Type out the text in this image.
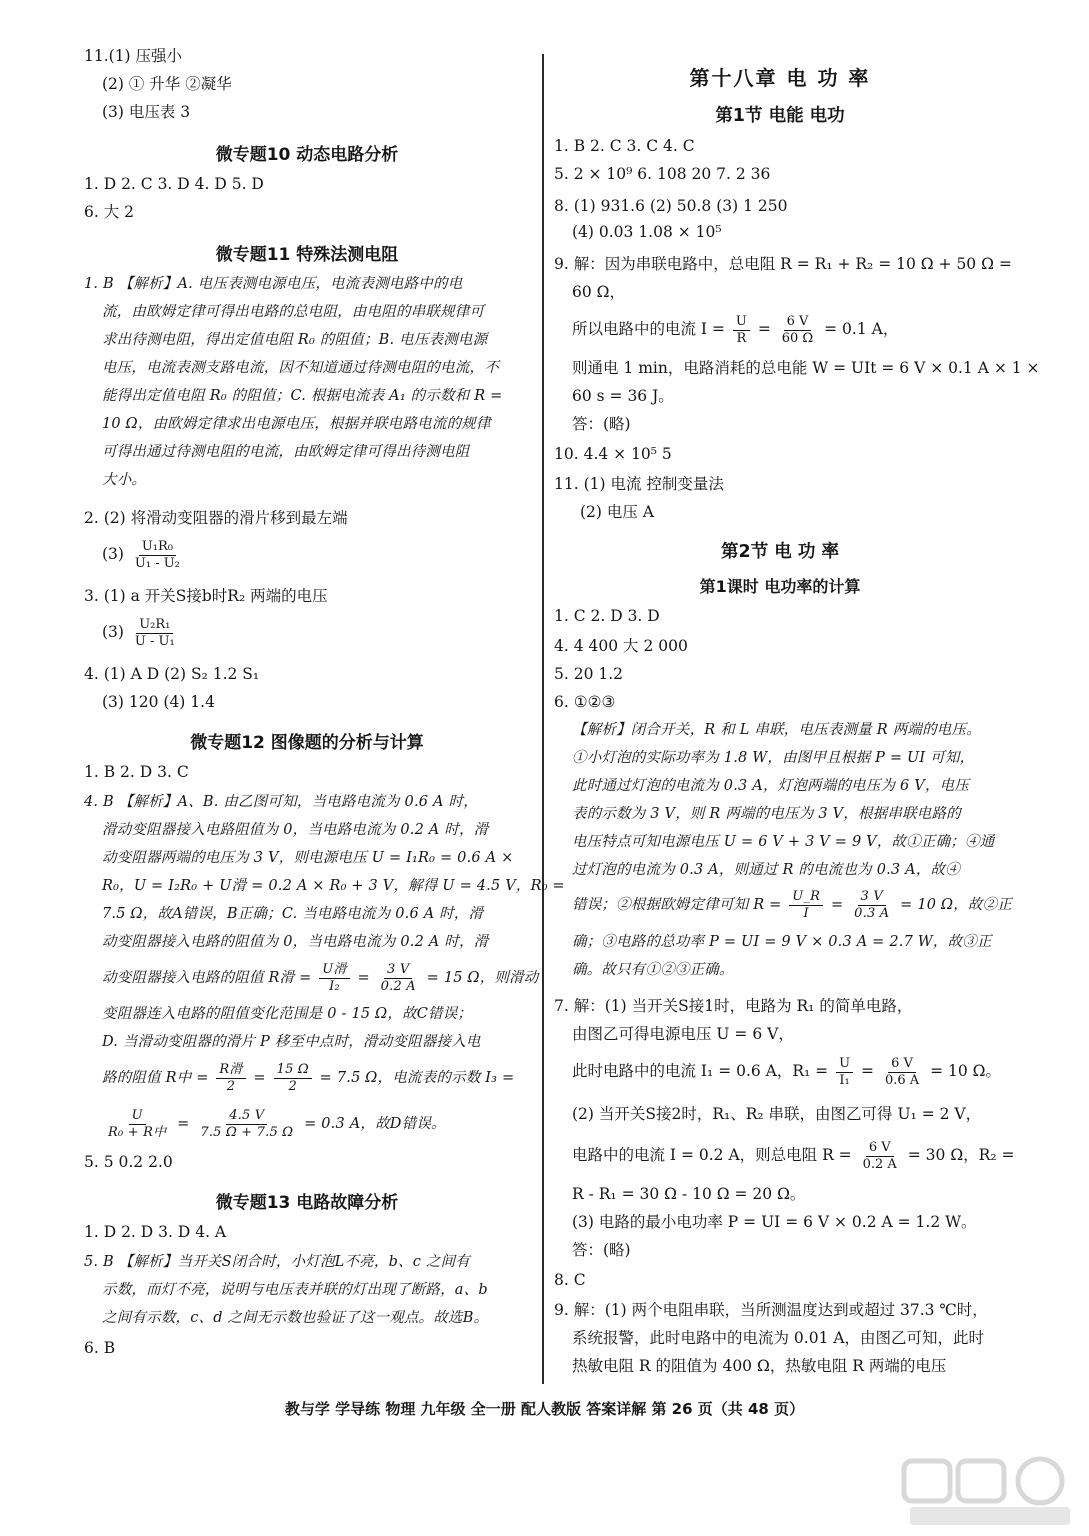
11.(1) 压强小
(2) ① 升华 ②凝华
(3) 电压表 3
微专题10 动态电路分析
1. D 2. C 3. D 4. D 5. D
6. 大 2
微专题11 特殊法测电阻
1. B 【解析】A. 电压表测电源电压，电流表测电路中的电
流，由欧姆定律可得出电路的总电阻，由电阻的串联规律可
求出待测电阻，得出定值电阻 R₀ 的阻值；B. 电压表测电源
电压，电流表测支路电流，因不知道通过待测电阻的电流，不
能得出定值电阻 R₀ 的阻值；C. 根据电流表 A₁ 的示数和 R =
10 Ω，由欧姆定律求出电源电压，根据并联电路电流的规律
可得出通过待测电阻的电流，由欧姆定律可得出待测电阻
大小。
2. (2) 将滑动变阻器的滑片移到最左端
$(3) \frac{\text{U₁R₀}}{\text{U₁ - U₂}}$
3. (1) a 开关S接b时R₂ 两端的电压
$(3) \frac{\text{U₂R₁}}{\text{U - U₁}}$
4. (1) A D (2) S₂ 1.2 S₁
(3) 120 (4) 1.4
微专题12 图像题的分析与计算
1. B 2. D 3. C
4. B 【解析】A、B. 由乙图可知，当电路电流为 0.6 A 时，
滑动变阻器接入电路阻值为 0，当电路电流为 0.2 A 时，滑
动变阻器两端的电压为 3 V，则电源电压 U = I₁R₀ = 0.6 A ×
R₀，U = I₂R₀ + U滑 = 0.2 A × R₀ + 3 V，解得 U = 4.5 V，R₀ =
7.5 Ω，故A错误，B正确；C. 当电路电流为 0.6 A 时，滑
动变阻器接入电路的阻值为 0，当电路电流为 0.2 A 时，滑
动变阻器接入电路的阻值 R滑 = $\frac{\text{U滑}}{\text{I₂}} = \frac{3 V}{0.2 A} = 15$ Ω，则滑动
变阻器连入电路的阻值变化范围是 0 - 15 Ω，故C错误；
D. 当滑动变阻器的滑片 P 移至中点时，滑动变阻器接入电
路的阻值 R中 = $\frac{\text{R滑}}{2} = \frac{15 \Omega}{2} = 7.5$ Ω，电流表的示数 I₃ =
$\frac{U}{\text{R₀ + R中}} = \frac{4.5 V}{7.5 \Omega + 7.5 \Omega} = 0.3$ A，故D错误。
5. 5 0.2 2.0
微专题13 电路故障分析
1. D 2. D 3. D 4. A
5. B 【解析】当开关S闭合时，小灯泡L不亮，b、c 之间有
示数，而灯不亮，说明与电压表并联的灯出现了断路，a、b
之间有示数，c、d 之间无示数也验证了这一观点。故选B。
6. B
第十八章 电 功 率
第1节 电能 电功
1. B 2. C 3. C 4. C
5. 2 × 10⁹ 6. 108 20 7. 2 36
8. (1) 931.6 (2) 50.8 (3) 1 250
(4) 0.03 1.08 × 10⁵
9. 解：因为串联电路中，总电阻 R = R₁ + R₂ = 10 Ω + 50 Ω =
60 Ω，
所以电路中的电流 $I = \frac{U}{R} = \frac{6 V}{60 \Omega} = 0.1$ A，
则通电 1 min，电路消耗的总电能 W = UIt = 6 V × 0.1 A × 1 ×
60 s = 36 J。
答：(略)
10. 4.4 × 10⁵ 5
11. (1) 电流 控制变量法
(2) 电压 A
第2节 电 功 率
第1课时 电功率的计算
1. C 2. D 3. D
4. 4 400 大 2 000
5. 20 1.2
6. ①②③
【解析】闭合开关，R 和 L 串联，电压表测量 R 两端的电压。
①小灯泡的实际功率为 1.8 W，由图甲且根据 P = UI 可知，
此时通过灯泡的电流为 0.3 A，灯泡两端的电压为 6 V，电压
表的示数为 3 V，则 R 两端的电压为 3 V，根据串联电路的
电压特点可知电源电压 U = 6 V + 3 V = 9 V，故①正确；④通
过灯泡的电流为 0.3 A，则通过 R 的电流也为 0.3 A，故④
错误；②根据欧姆定律可知 $R = \frac{U\_R}{I} = \frac{3 V}{0.3 A} = 10$ Ω，故②正
确；③电路的总功率 P = UI = 9 V × 0.3 A = 2.7 W，故③正
确。故只有①②③正确。
7. 解：(1) 当开关S接1时，电路为 R₁ 的简单电路，
由图乙可得电源电压 U = 6 V，
此时电路中的电流 I₁ = 0.6 A，$R_1 = \frac{U}{\text{I₁}} = \frac{6 V}{0.6 A} = 10$ Ω。
(2) 当开关S接2时，R₁、R₂ 串联，由图乙可得 U₁ = 2 V，
电路中的电流 I = 0.2 A，则总电阻 $R = \frac{6 V}{0.2 A} = 30$ Ω，R₂ =
R - R₁ = 30 Ω - 10 Ω = 20 Ω。
(3) 电路的最小电功率 P = UI = 6 V × 0.2 A = 1.2 W。
答：(略)
8. C
9. 解：(1) 两个电阻串联，当所测温度达到或超过 37.3 ℃时，
系统报警，此时电路中的电流为 0.01 A，由图乙可知，此时
热敏电阻 R 的阻值为 400 Ω，热敏电阻 R 两端的电压
教与学 学导练 物理 九年级 全一册 配人教版 答案详解 第 26 页（共 48 页）
